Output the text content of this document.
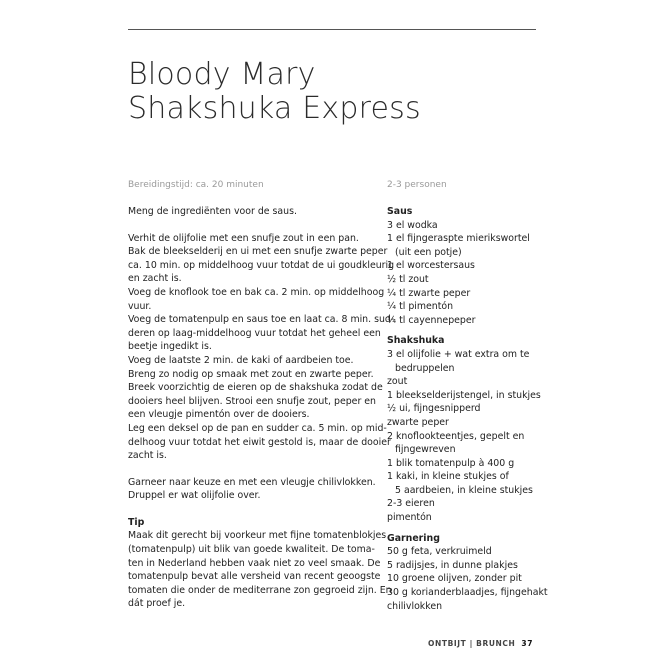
Bloody Mary
Shakshuka Express
Bereidingstijd: ca. 20 minuten	2-3 personen

Meng de ingrediënten voor de saus.

Verhit de olijfolie met een snufje zout in een pan.

Bak de bleekselderij en ui met een snufje zwarte peper

ca. 10 min. op middelhoog vuur totdat de ui goudkleurig

en zacht is.

Voeg de knoflook toe en bak ca. 2 min. op middelhoog

vuur.

Voeg de tomatenpulp en saus toe en laat ca. 8 min. sud-

deren op laag-middelhoog vuur totdat het geheel een

beetje ingedikt is.

Voeg de laatste 2 min. de kaki of aardbeien toe.

Breng zo nodig op smaak met zout en zwarte peper.

Breek voorzichtig de eieren op de shakshuka zodat de

dooiers heel blijven. Strooi een snufje zout, peper en

een vleugje pimentón over de dooiers.

Leg een deksel op de pan en sudder ca. 5 min. op mid-

delhoog vuur totdat het eiwit gestold is, maar de dooier

zacht is.

Garneer naar keuze en met een vleugje chilivlokken.

Druppel er wat olijfolie over.

Tip

Maak dit gerecht bij voorkeur met fijne tomatenblokjes

(tomatenpulp) uit blik van goede kwaliteit. De toma-

ten in Nederland hebben vaak niet zo veel smaak. De

tomatenpulp bevat alle versheid van recent geoogste

tomaten die onder de mediterrane zon gegroeid zijn. En

dát proef je.

Saus

3 el wodka

1 el fijngeraspte mierikswortel

(uit een potje)

1 el worcestersaus

½ tl zout

¼ tl zwarte peper

¼ tl pimentón

¼ tl cayennepeper

Shakshuka

3 el olijfolie + wat extra om te

bedruppelen

zout

1 bleekselderijstengel, in stukjes

½ ui, fijngesnipperd

zwarte peper

2 knoflookteentjes, gepelt en

fijngewreven

1 blik tomatenpulp à 400 g

1 kaki, in kleine stukjes of

5 aardbeien, in kleine stukjes

2-3 eieren

pimentón

Garnering

50 g feta, verkruimeld

5 radijsjes, in dunne plakjes

10 groene olijven, zonder pit

30 g korianderblaadjes, fijngehakt

chilivlokken

ONTBIJT | BRUNCH 37
